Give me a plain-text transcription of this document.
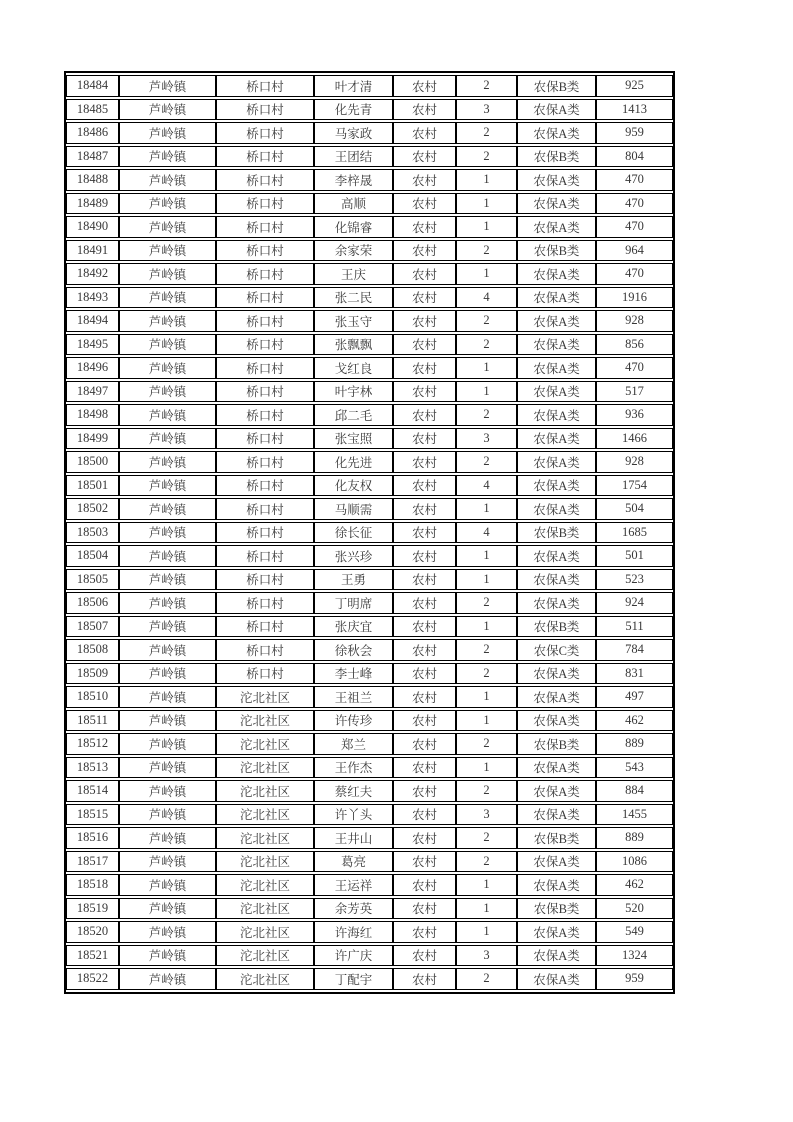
18484	芦岭镇	桥口村	叶才清	农村	2	农保B类	925
18485	芦岭镇	桥口村	化先青	农村	3	农保A类	1413
18486	芦岭镇	桥口村	马家政	农村	2	农保A类	959
18487	芦岭镇	桥口村	王团结	农村	2	农保B类	804
18488	芦岭镇	桥口村	李梓晟	农村	1	农保A类	470
18489	芦岭镇	桥口村	高顺	农村	1	农保A类	470
18490	芦岭镇	桥口村	化锦睿	农村	1	农保A类	470
18491	芦岭镇	桥口村	余家荣	农村	2	农保B类	964
18492	芦岭镇	桥口村	王庆	农村	1	农保A类	470
18493	芦岭镇	桥口村	张二民	农村	4	农保A类	1916
18494	芦岭镇	桥口村	张玉守	农村	2	农保A类	928
18495	芦岭镇	桥口村	张飘飘	农村	2	农保A类	856
18496	芦岭镇	桥口村	戈红良	农村	1	农保A类	470
18497	芦岭镇	桥口村	叶宇林	农村	1	农保A类	517
18498	芦岭镇	桥口村	邱二毛	农村	2	农保A类	936
18499	芦岭镇	桥口村	张宝照	农村	3	农保A类	1466
18500	芦岭镇	桥口村	化先进	农村	2	农保A类	928
18501	芦岭镇	桥口村	化友权	农村	4	农保A类	1754
18502	芦岭镇	桥口村	马顺需	农村	1	农保A类	504
18503	芦岭镇	桥口村	徐长征	农村	4	农保B类	1685
18504	芦岭镇	桥口村	张兴珍	农村	1	农保A类	501
18505	芦岭镇	桥口村	王勇	农村	1	农保A类	523
18506	芦岭镇	桥口村	丁明席	农村	2	农保A类	924
18507	芦岭镇	桥口村	张庆宜	农村	1	农保B类	511
18508	芦岭镇	桥口村	徐秋会	农村	2	农保C类	784
18509	芦岭镇	桥口村	李士峰	农村	2	农保A类	831
18510	芦岭镇	沱北社区	王祖兰	农村	1	农保A类	497
18511	芦岭镇	沱北社区	许传珍	农村	1	农保A类	462
18512	芦岭镇	沱北社区	郑兰	农村	2	农保B类	889
18513	芦岭镇	沱北社区	王作杰	农村	1	农保A类	543
18514	芦岭镇	沱北社区	蔡红夫	农村	2	农保A类	884
18515	芦岭镇	沱北社区	许丫头	农村	3	农保A类	1455
18516	芦岭镇	沱北社区	王井山	农村	2	农保B类	889
18517	芦岭镇	沱北社区	葛亮	农村	2	农保A类	1086
18518	芦岭镇	沱北社区	王运祥	农村	1	农保A类	462
18519	芦岭镇	沱北社区	余芳英	农村	1	农保B类	520
18520	芦岭镇	沱北社区	许海红	农村	1	农保A类	549
18521	芦岭镇	沱北社区	许广庆	农村	3	农保A类	1324
18522	芦岭镇	沱北社区	丁配宇	农村	2	农保A类	959
